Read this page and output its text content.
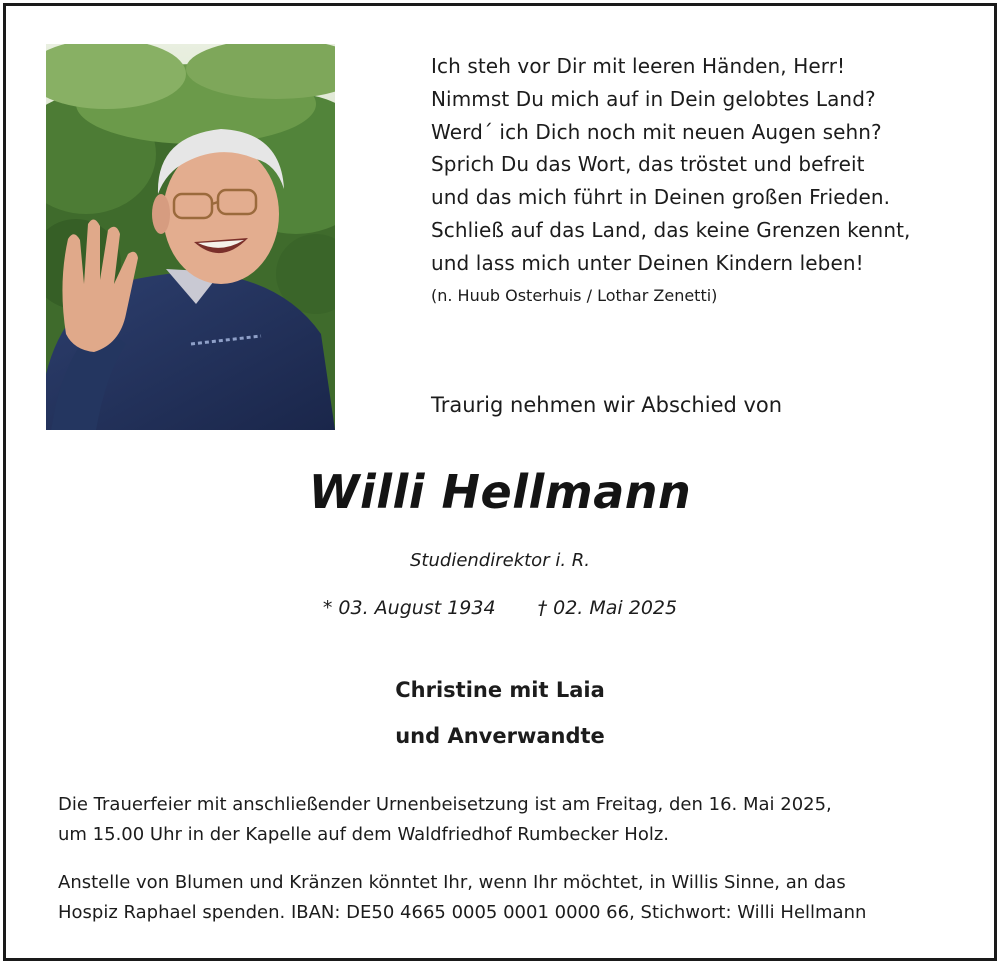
Ich steh vor Dir mit leeren Händen, Herr!
Nimmst Du mich auf in Dein gelobtes Land?
Werd´ ich Dich noch mit neuen Augen sehn?
Sprich Du das Wort, das tröstet und befreit
und das mich führt in Deinen großen Frieden.
Schließ auf das Land, das keine Grenzen kennt,
und lass mich unter Deinen Kindern leben!
(n. Huub Osterhuis / Lothar Zenetti)
Traurig nehmen wir Abschied von
Willi Hellmann
Studiendirektor i. R.
* 03. August 1934 † 02. Mai 2025
Christine mit Laia
und Anverwandte
Die Trauerfeier mit anschließender Urnenbeisetzung ist am Freitag, den 16. Mai 2025,
um 15.00 Uhr in der Kapelle auf dem Waldfriedhof Rumbecker Holz.
Anstelle von Blumen und Kränzen könntet Ihr, wenn Ihr möchtet, in Willis Sinne, an das
Hospiz Raphael spenden. IBAN: DE50 4665 0005 0001 0000 66, Stichwort: Willi Hellmann
